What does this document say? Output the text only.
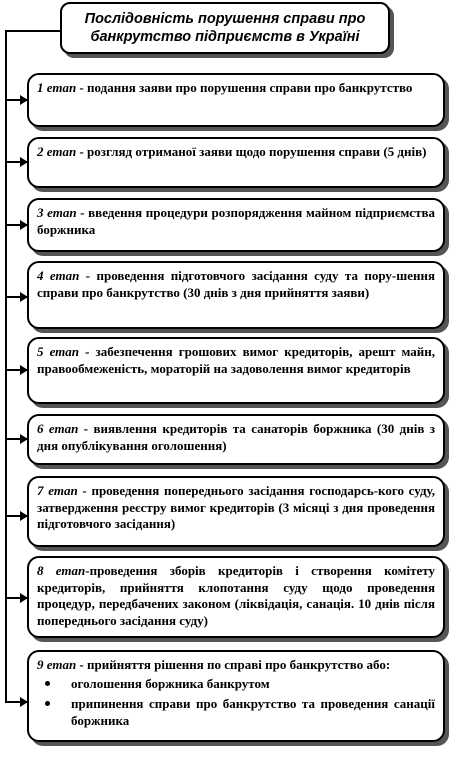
Послідовність порушення справи про банкрутство підприємств в Україні
1 етап - подання заяви про порушення справи про банкрутство
2 етап - розгляд отриманої заяви щодо порушення справи (5 днів)
3 етап - введення процедури розпорядження майном підприємства боржника
4 етап - проведення підготовчого засідання суду та пору-шення справи про банкрутство (30 днів з дня прийняття заяви)
5 етап - забезпечення грошових вимог кредиторів, арешт майн, правообмеженість, мораторій на задоволення вимог кредиторів
6 етап - виявлення кредиторів та санаторів боржника (30 днів з дня опублікування оголошення)
7 етап - проведення попереднього засідання господарсь-кого суду, затвердження реєстру вимог кредиторів (3 місяці з дня проведення підготовчого засідання)
8 етап-проведення зборів кредиторів і створення комітету кредиторів, прийняття клопотання суду щодо проведення процедур, передбачених законом (ліквідація, санація. 10 днів після попереднього засідання суду)
9 етап - прийняття рішення по справі про банкрутство або:
оголошення боржника банкрутом
припинення справи про банкрутство та проведення санації боржника
